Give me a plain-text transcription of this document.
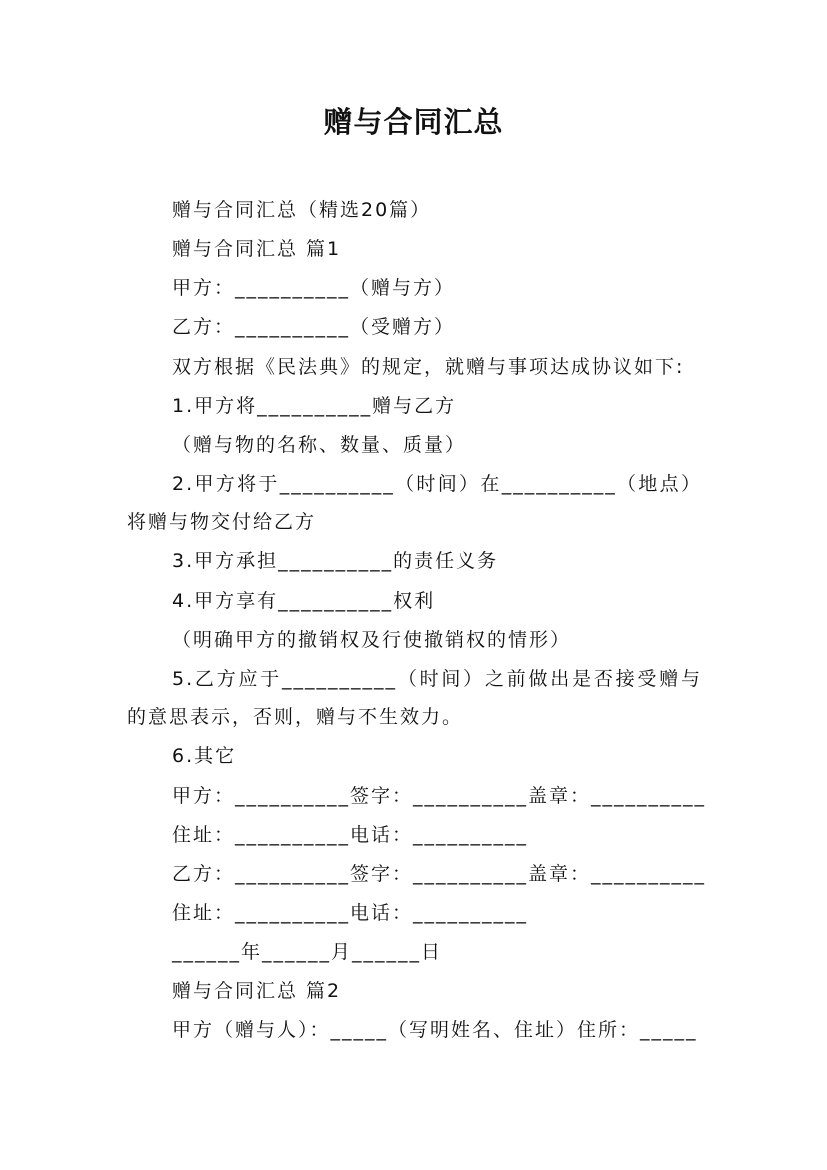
赠与合同汇总
赠与合同汇总（精选20篇）
赠与合同汇总 篇1
甲方：__________（赠与方）
乙方：__________（受赠方）
双方根据《民法典》的规定，就赠与事项达成协议如下:
1.甲方将__________赠与乙方
（赠与物的名称、数量、质量）
2.甲方将于__________（时间）在__________（地点）
将赠与物交付给乙方
3.甲方承担__________的责任义务
4.甲方享有__________权利
（明确甲方的撤销权及行使撤销权的情形）
5.乙方应于__________（时间）之前做出是否接受赠与
的意思表示，否则，赠与不生效力。
6.其它
甲方：__________签字：__________盖章：__________
住址：__________电话：__________
乙方：__________签字：__________盖章：__________
住址：__________电话：__________
______年______月______日
赠与合同汇总 篇2
甲方（赠与人）：_____（写明姓名、住址）住所：_____
